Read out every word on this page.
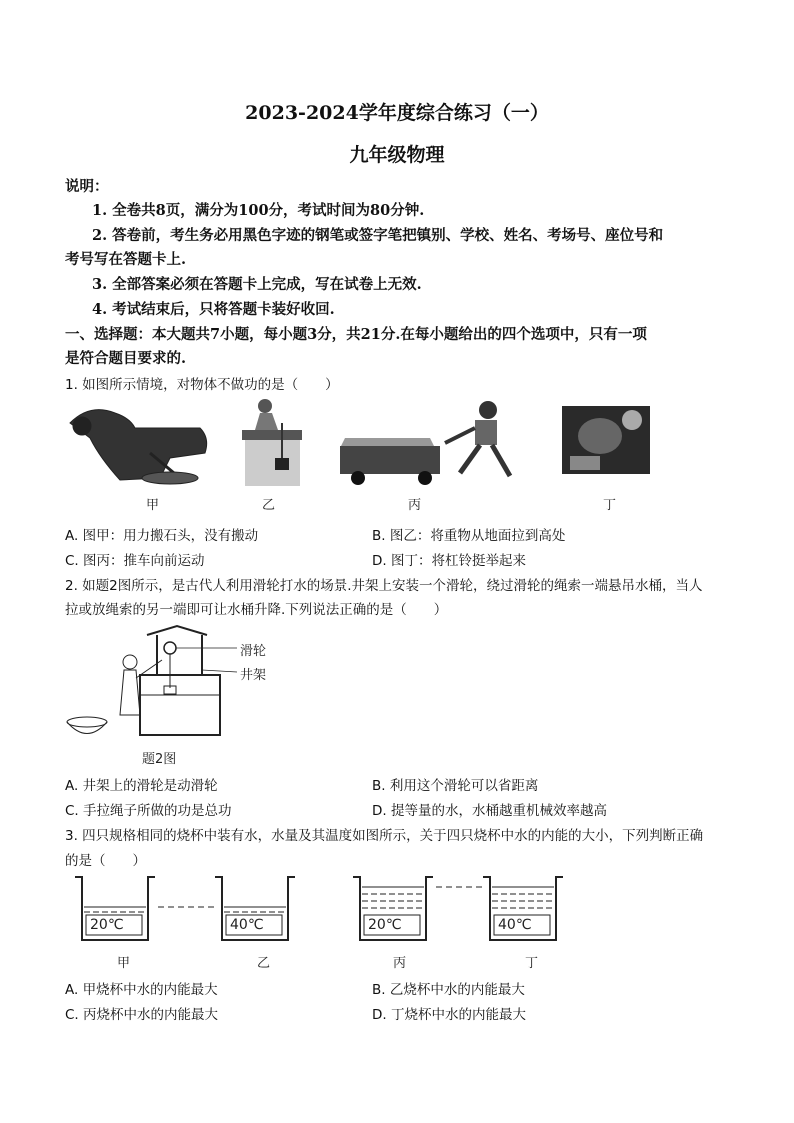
2023-2024学年度综合练习（一）
九年级物理
说明：
1. 全卷共8页，满分为100分，考试时间为80分钟.
2. 答卷前，考生务必用黑色字迹的钢笔或签字笔把镇别、学校、姓名、考场号、座位号和
考号写在答题卡上.
3. 全部答案必须在答题卡上完成，写在试卷上无效.
4. 考试结束后，只将答题卡装好收回.
一、选择题：本大题共7小题，每小题3分，共21分.在每小题给出的四个选项中，只有一项
是符合题目要求的.
1. 如图所示情境，对物体不做功的是（　　）
甲	乙	丙	丁
A. 图甲：用力搬石头，没有搬动	B. 图乙：将重物从地面拉到高处
C. 图丙：推车向前运动	D. 图丁：将杠铃挺举起来
2. 如题2图所示，是古代人利用滑轮打水的场景.井架上安装一个滑轮，绕过滑轮的绳索一端悬吊水桶，当人
拉或放绳索的另一端即可让水桶升降.下列说法正确的是（　　）
滑轮
井架
题2图
A. 井架上的滑轮是动滑轮	B. 利用这个滑轮可以省距离
C. 手拉绳子所做的功是总功	D. 提等量的水，水桶越重机械效率越高
3. 四只规格相同的烧杯中装有水，水量及其温度如图所示，关于四只烧杯中水的内能的大小，下列判断正确
的是（　　）
20℃	40℃	20℃	40℃
甲	乙	丙	丁
A. 甲烧杯中水的内能最大	B. 乙烧杯中水的内能最大
C. 丙烧杯中水的内能最大	D. 丁烧杯中水的内能最大
